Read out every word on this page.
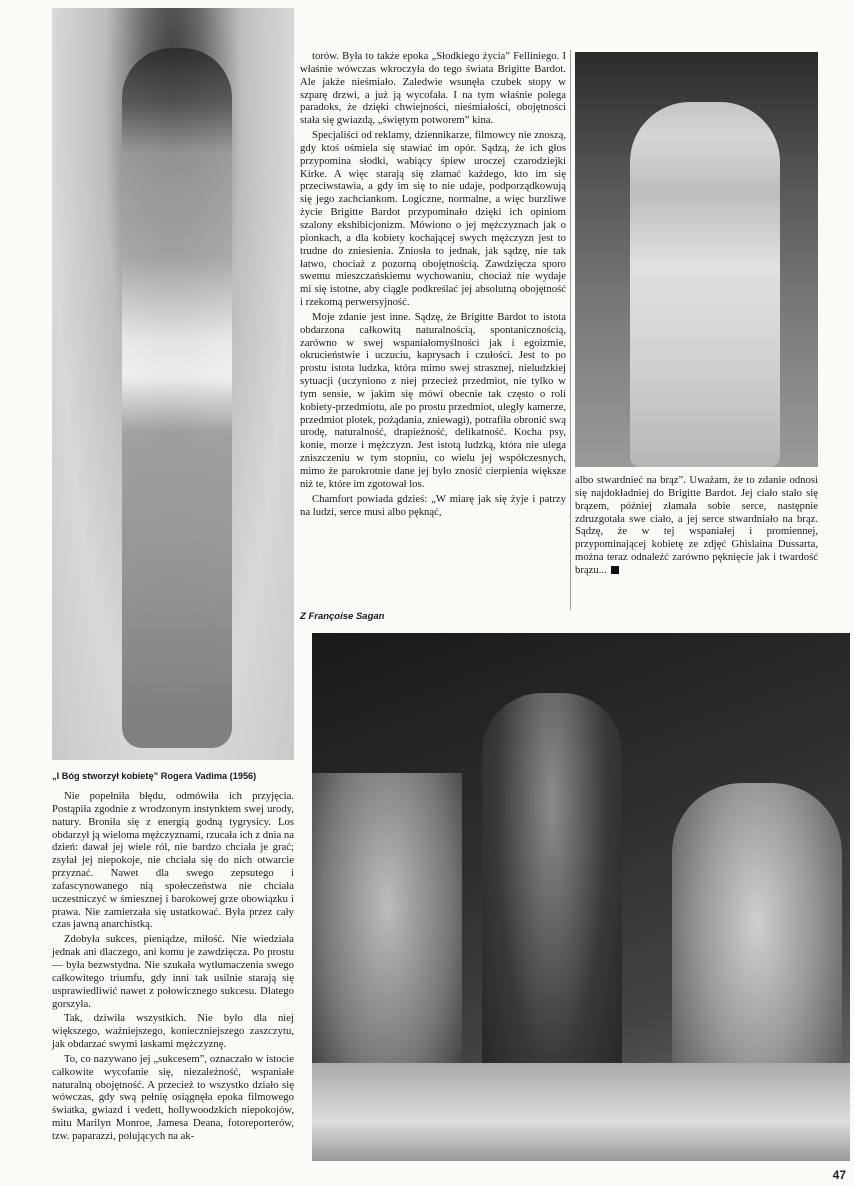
„I Bóg stworzył kobietę” Rogera Vadima (1956)

torów. Była to także epoka „Słodkiego życia” Felliniego. I właśnie wówczas wkroczyła do tego świata Brigitte Bardot. Ale jakże nieśmiało. Zaledwie wsunęła czubek stopy w szparę drzwi, a już ją wycofała. I na tym właśnie polega paradoks, że dzięki chwiejności, nieśmiałości, obojętności stała się gwiazdą, „świętym potworem” kina.

Specjaliści od reklamy, dziennikarze, filmowcy nie znoszą, gdy ktoś ośmiela się stawiać im opór. Sądzą, że ich głos przypomina słodki, wabiący śpiew uroczej czarodziejki Kirke. A więc starają się złamać każdego, kto im się przeciwstawia, a gdy im się to nie udaje, podporządkowują się jego zachciankom. Logiczne, normalne, a więc burzliwe życie Brigitte Bardot przypominało dzięki ich opiniom szalony ekshibicjonizm. Mówiono o jej mężczyznach jak o pionkach, a dla kobiety kochającej swych mężczyzn jest to trudne do zniesienia. Zniosła to jednak, jak sądzę, nie tak łatwo, chociaż z pozorną obojętnością. Zawdzięcza sporo swemu mieszczańskiemu wychowaniu, chociaż nie wydaje mi się istotne, aby ciągle podkreślać jej absolutną obojętność i rzekomą perwersyjność.

Moje zdanie jest inne. Sądzę, że Brigitte Bardot to istota obdarzona całkowitą naturalnością, spontanicznością, zarówno w swej wspaniałomyślności jak i egoizmie, okrucieństwie i uczuciu, kaprysach i czułości. Jest to po prostu istota ludzka, która mimo swej strasznej, nieludzkiej sytuacji (uczyniono z niej przecież przedmiot, nie tylko w tym sensie, w jakim się mówi obecnie tak często o roli kobiety-przedmiotu, ale po prostu przedmiot, uległy kamerze, przedmiot plotek, pożądania, zniewagi), potrafiła obronić swą urodę, naturalność, drapieżność, delikatność. Kocha psy, konie, morze i mężczyzn. Jest istotą ludzką, która nie ulega zniszczeniu w tym stopniu, co wielu jej współczesnych, mimo że parokrotnie dane jej było znosić cierpienia większe niż te, które im zgotował los.

Chamfort powiada gdzieś: „W miarę jak się żyje i patrzy na ludzi, serce musi albo pęknąć,

albo stwardnieć na brąz”. Uważam, że to zdanie odnosi się najdokładniej do Brigitte Bardot. Jej ciało stało się brązem, później złamała sobie serce, następnie zdruzgotała swe ciało, a jej serce stwardniało na brąz. Sądzę, że w tej wspaniałej i promiennej, przypominającej kobietę ze zdjęć Ghislaina Dussarta, można teraz odnaleźć zarówno pęknięcie jak i twardość brązu...

Z Françoise Sagan

Nie popełniła błędu, odmówiła ich przyjęcia. Postąpiła zgodnie z wrodzonym instynktem swej urody, natury. Broniła się z energią godną tygrysicy. Los obdarzył ją wieloma mężczyznami, rzucała ich z dnia na dzień: dawał jej wiele ról, nie bardzo chciała je grać; zsyłał jej niepokoje, nie chciała się do nich otwarcie przyznać. Nawet dla swego zepsutego i zafascynowanego nią społeczeństwa nie chciała uczestniczyć w śmiesznej i barokowej grze obowiązku i prawa. Nie zamierzała się ustatkować. Była przez cały czas jawną anarchistką.

Zdobyła sukces, pieniądze, miłość. Nie wiedziała jednak ani dlaczego, ani komu je zawdzięcza. Po prostu — była bezwstydna. Nie szukała wytłumaczenia swego całkowitego triumfu, gdy inni tak usilnie starają się usprawiedliwić nawet z połowicznego sukcesu. Dlatego gorszyła.

Tak, dziwiła wszystkich. Nie było dla niej większego, ważniejszego, konieczniejszego zaszczytu, jak obdarzać swymi łaskami mężczyznę.

To, co nazywano jej „sukcesem”, oznaczało w istocie całkowite wycofanie się, niezależność, wspaniałe naturalną obojętność. A przecież to wszystko działo się wówczas, gdy swą pełnię osiągnęła epoka filmowego światka, gwiazd i vedett, hollywoodzkich niepokojów, mitu Marilyn Monroe, Jamesa Deana, fotoreporterów, tzw. paparazzi, polujących na ak-

47
